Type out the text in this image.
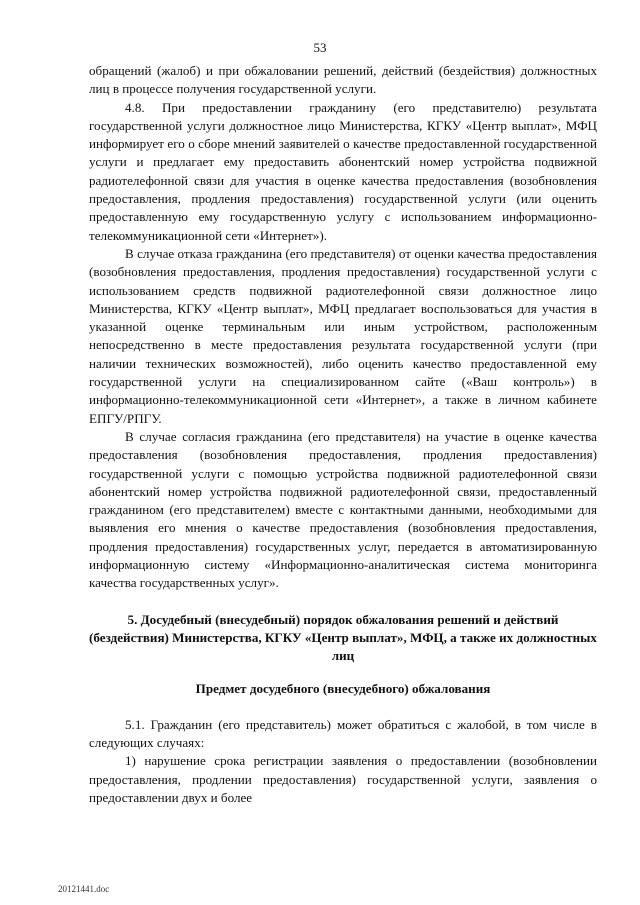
53

обращений (жалоб) и при обжаловании решений, действий (бездействия) должностных лиц в процессе получения государственной услуги.

4.8. При предоставлении гражданину (его представителю) результата государственной услуги должностное лицо Министерства, КГКУ «Центр выплат», МФЦ информирует его о сборе мнений заявителей о качестве предоставленной государственной услуги и предлагает ему предоставить абонентский номер устройства подвижной радиотелефонной связи для участия в оценке качества предоставления (возобновления предоставления, продления предоставления) государственной услуги (или оценить предоставленную ему государственную услугу с использованием информационно-телекоммуникационной сети «Интернет»).

В случае отказа гражданина (его представителя) от оценки качества предоставления (возобновления предоставления, продления предоставления) государственной услуги с использованием средств подвижной радиотелефонной связи должностное лицо Министерства, КГКУ «Центр выплат», МФЦ предлагает воспользоваться для участия в указанной оценке терминальным или иным устройством, расположенным непосредственно в месте предоставления результата государственной услуги (при наличии технических возможностей), либо оценить качество предоставленной ему государственной услуги на специализированном сайте («Ваш контроль») в информационно-телекоммуникационной сети «Интернет», а также в личном кабинете ЕПГУ/РПГУ.

В случае согласия гражданина (его представителя) на участие в оценке качества предоставления (возобновления предоставления, продления предоставления) государственной услуги с помощью устройства подвижной радиотелефонной связи абонентский номер устройства подвижной радиотелефонной связи, предоставленный гражданином (его представителем) вместе с контактными данными, необходимыми для выявления его мнения о качестве предоставления (возобновления предоставления, продления предоставления) государственных услуг, передается в автоматизированную информационную систему «Информационно-аналитическая система мониторинга качества государственных услуг».

5. Досудебный (внесудебный) порядок обжалования решений и действий (бездействия) Министерства, КГКУ «Центр выплат», МФЦ, а также их должностных лиц
Предмет досудебного (внесудебного) обжалования

5.1. Гражданин (его представитель) может обратиться с жалобой, в том числе в следующих случаях:

1) нарушение срока регистрации заявления о предоставлении (возобновлении предоставления, продлении предоставления) государственной услуги, заявления о предоставлении двух и более

20121441.doc
